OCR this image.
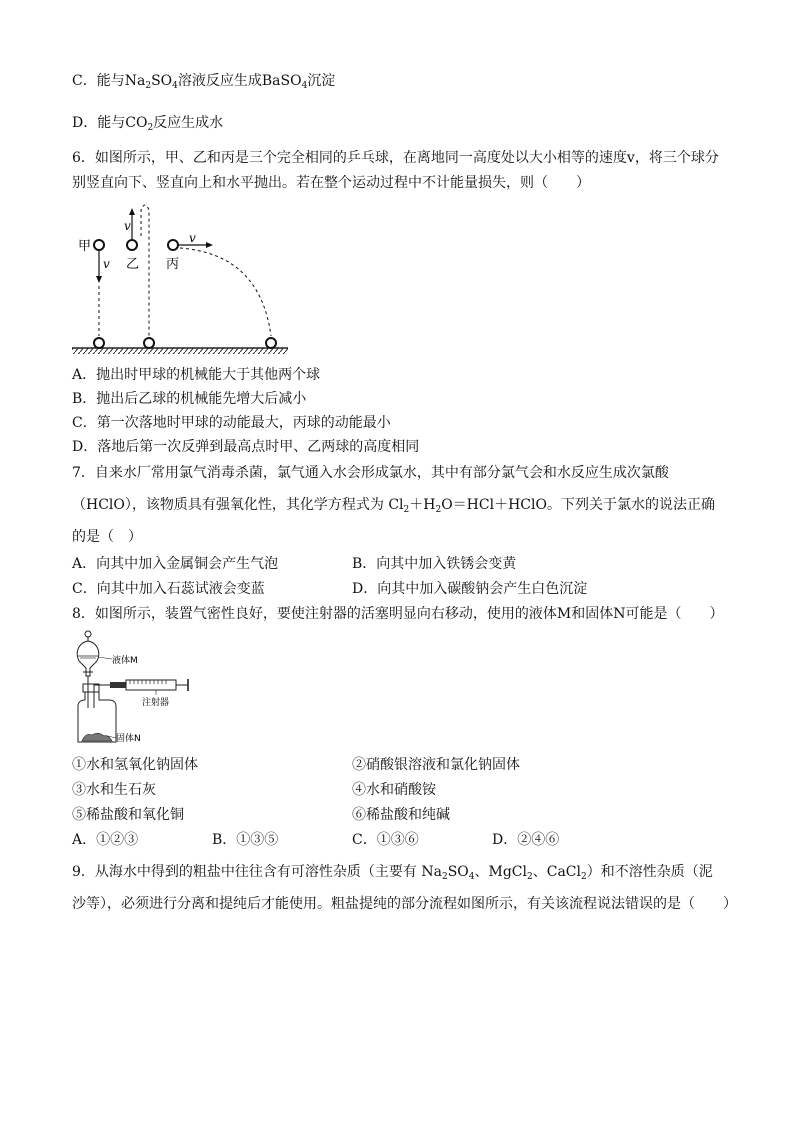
C．能与$Na_2SO_4$溶液反应生成BaSO$_4$沉淀
D．能与$CO_2$反应生成水
6．如图所示，甲、乙和丙是三个完全相同的乒乓球，在离地同一高度处以大小相等的速度v，将三个球分
别竖直向下、竖直向上和水平抛出。若在整个运动过程中不计能量损失，则（　　）
甲
v
v
乙
v
丙
A．抛出时甲球的机械能大于其他两个球
B．抛出后乙球的机械能先增大后减小
C．第一次落地时甲球的动能最大，丙球的动能最小
D．落地后第一次反弹到最高点时甲、乙两球的高度相同
7．自来水厂常用氯气消毒杀菌，氯气通入水会形成氯水，其中有部分氯气会和水反应生成次氯酸
（HClO），该物质具有强氧化性，其化学方程式为 $Cl_2+H_2O=HCl+HClO$。下列关于氯水的说法正确
的是（　）
A．向其中加入金属铜会产生气泡	B．向其中加入铁锈会变黄
C．向其中加入石蕊试液会变蓝	D．向其中加入碳酸钠会产生白色沉淀
8．如图所示，装置气密性良好，要使注射器的活塞明显向右移动，使用的液体M和固体N可能是（　　）
液体M
注射器
固体N
①水和氢氧化钠固体	②硝酸银溶液和氯化钠固体
③水和生石灰	④水和硝酸铵
⑤稀盐酸和氧化铜	⑥稀盐酸和纯碱
A．①②③	B．①③⑤	C．①③⑥	D．②④⑥
9．从海水中得到的粗盐中往往含有可溶性杂质（主要有 $Na_2SO_4$、MgCl$_2$、CaCl$_2$）和不溶性杂质（泥
沙等），必须进行分离和提纯后才能使用。粗盐提纯的部分流程如图所示，有关该流程说法错误的是（　　）
